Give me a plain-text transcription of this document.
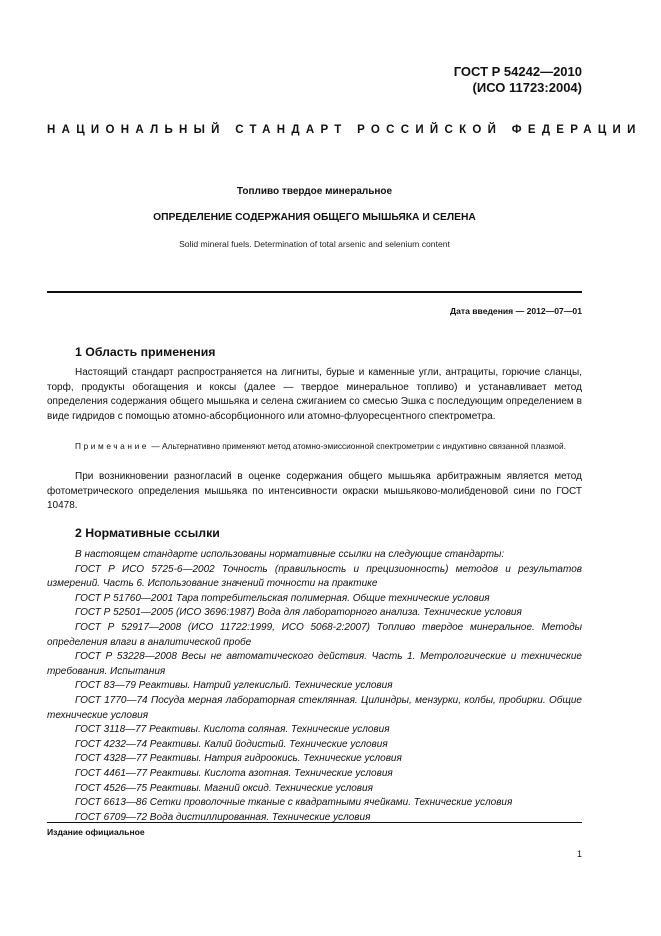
ГОСТ Р 54242—2010
(ИСО 11723:2004)
НАЦИОНАЛЬНЫЙ СТАНДАРТ РОССИЙСКОЙ ФЕДЕРАЦИИ
Топливо твердое минеральное
ОПРЕДЕЛЕНИЕ СОДЕРЖАНИЯ ОБЩЕГО МЫШЬЯКА И СЕЛЕНА
Solid mineral fuels. Determination of total arsenic and selenium content
Дата введения — 2012—07—01
1 Область применения

Настоящий стандарт распространяется на лигниты, бурые и каменные угли, антрациты, горючие сланцы, торф, продукты обогащения и коксы (далее — твердое минеральное топливо) и устанавливает метод определения содержания общего мышьяка и селена сжиганием со смесью Эшка с последующим определением в виде гидридов с помощью атомно-абсорбционного или атомно-флуоресцентного спектрометра.

Примечание — Альтернативно применяют метод атомно-эмиссионной спектрометрии с индуктивно связанной плазмой.

При возникновении разногласий в оценке содержания общего мышьяка арбитражным является метод фотометрического определения мышьяка по интенсивности окраски мышьяково-молибденовой сини по ГОСТ 10478.

2 Нормативные ссылки

В настоящем стандарте использованы нормативные ссылки на следующие стандарты:

ГОСТ Р ИСО 5725-6—2002 Точность (правильность и прецизионность) методов и результатов измерений. Часть 6. Использование значений точности на практике

ГОСТ Р 51760—2001 Тара потребительская полимерная. Общие технические условия

ГОСТ Р 52501—2005 (ИСО 3696:1987) Вода для лабораторного анализа. Технические условия

ГОСТ Р 52917—2008 (ИСО 11722:1999, ИСО 5068-2:2007) Топливо твердое минеральное. Методы определения влаги в аналитической пробе

ГОСТ Р 53228—2008 Весы не автоматического действия. Часть 1. Метрологические и технические требования. Испытания

ГОСТ 83—79 Реактивы. Натрий углекислый. Технические условия

ГОСТ 1770—74 Посуда мерная лабораторная стеклянная. Цилиндры, мензурки, колбы, пробирки. Общие технические условия

ГОСТ 3118—77 Реактивы. Кислота соляная. Технические условия

ГОСТ 4232—74 Реактивы. Калий йодистый. Технические условия

ГОСТ 4328—77 Реактивы. Натрия гидроокись. Технические условия

ГОСТ 4461—77 Реактивы. Кислота азотная. Технические условия

ГОСТ 4526—75 Реактивы. Магний оксид. Технические условия

ГОСТ 6613—86 Сетки проволочные тканые с квадратными ячейками. Технические условия

ГОСТ 6709—72 Вода дистиллированная. Технические условия

Издание официальное
1
